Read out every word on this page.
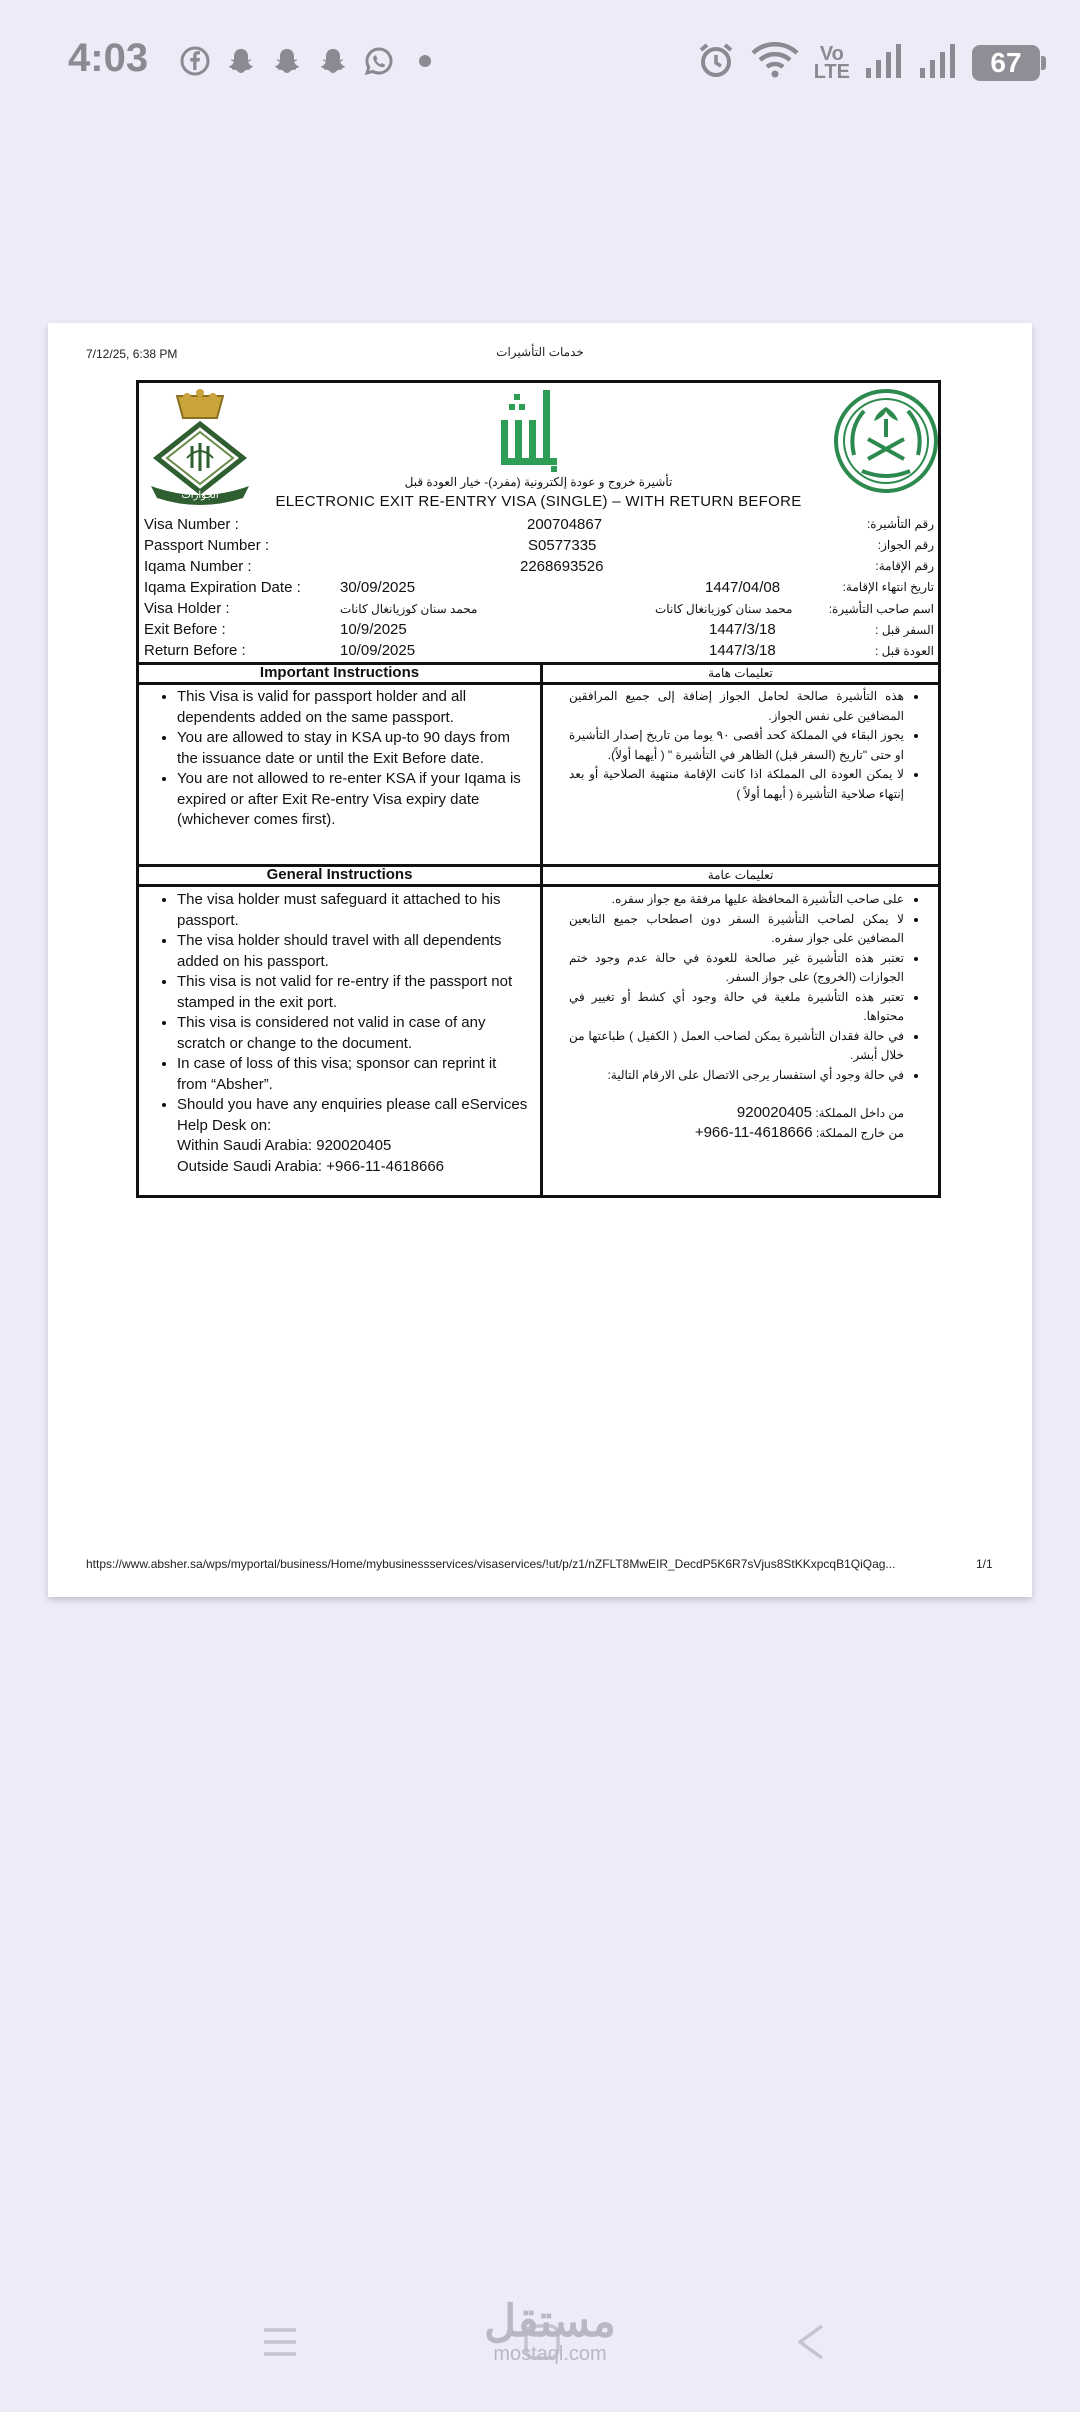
4:03	Vo
LTE	67
7/12/25, 6:38 PM	خدمات التأشيرات
الجوازات
تأشيرة خروج و عودة إلكترونية (مفرد)- خيار العودة قبل
ELECTRONIC EXIT RE-ENTRY VISA (SINGLE) – WITH RETURN BEFORE
Visa Number :	200704867	رقم التأشيرة:
Passport Number :	S0577335	رقم الجواز:
Iqama Number :	2268693526	رقم الإقامة:
Iqama Expiration Date :	30/09/2025	1447/04/08	تاريخ انتهاء الإقامة:
Visa Holder :	محمد سنان كوزيانغال كانات	محمد سنان كوزيانغال كانات	اسم صاحب التأشيرة:
Exit Before :	10/9/2025	1447/3/18	السفر قبل :
Return Before :	10/09/2025	1447/3/18	العودة قبل :
Important Instructions	تعليمات هامة
• This Visa is valid for passport holder and all dependents added on the same passport.
• You are allowed to stay in KSA up-to 90 days from the issuance date or until the Exit Before date.
• You are not allowed to re-enter KSA if your Iqama is expired or after Exit Re-entry Visa expiry date (whichever comes first).
• هذه التأشيرة صالحة لحامل الجواز إضافة إلى جميع المرافقين المضافين على نفس الجواز.
• يجوز البقاء في المملكة كحد أقصى ٩٠ يوما من تاريخ إصدار التأشيرة او حتى "تاريخ (السفر قبل) الظاهر في التأشيرة " ( أيهما أولاً).
• لا يمكن العودة الى المملكة اذا كانت الإقامة منتهية الصلاحية أو بعد إنتهاء صلاحية التأشيرة ( أيهما أولاً )
General Instructions	تعليمات عامة
• The visa holder must safeguard it attached to his passport.
• The visa holder should travel with all dependents added on his passport.
• This visa is not valid for re-entry if the passport not stamped in the exit port.
• This visa is considered not valid in case of any scratch or change to the document.
• In case of loss of this visa; sponsor can reprint it from “Absher”.
• Should you have any enquiries please call eServices Help Desk on:
Within Saudi Arabia: 920020405
Outside Saudi Arabia: +966-11-4618666
• على صاحب التأشيرة المحافظة عليها مرفقة مع جواز سفره.
• لا يمكن لصاحب التأشيرة السفر دون اصطحاب جميع التابعين المضافين على جواز سفره.
• تعتبر هذه التأشيرة غير صالحة للعودة في حالة عدم وجود ختم الجوازات (الخروج) على جواز السفر.
• تعتبر هذه التأشيرة ملغية في حالة وجود أي كشط أو تغيير في محتواها.
• في حالة فقدان التأشيرة يمكن لصاحب العمل ( الكفيل ) طباعتها من خلال أبشر.
• في حالة وجود أي استفسار يرجى الاتصال على الارقام التالية:
من داخل المملكة: 920020405
من خارج المملكة: +966-11-4618666
https://www.absher.sa/wps/myportal/business/Home/mybusinessservices/visaservices/!ut/p/z1/nZFLT8MwEIR_DecdP5K6R7sVjus8StKKxpcqB1QiQag...	1/1
مستقل
mostaql.com
